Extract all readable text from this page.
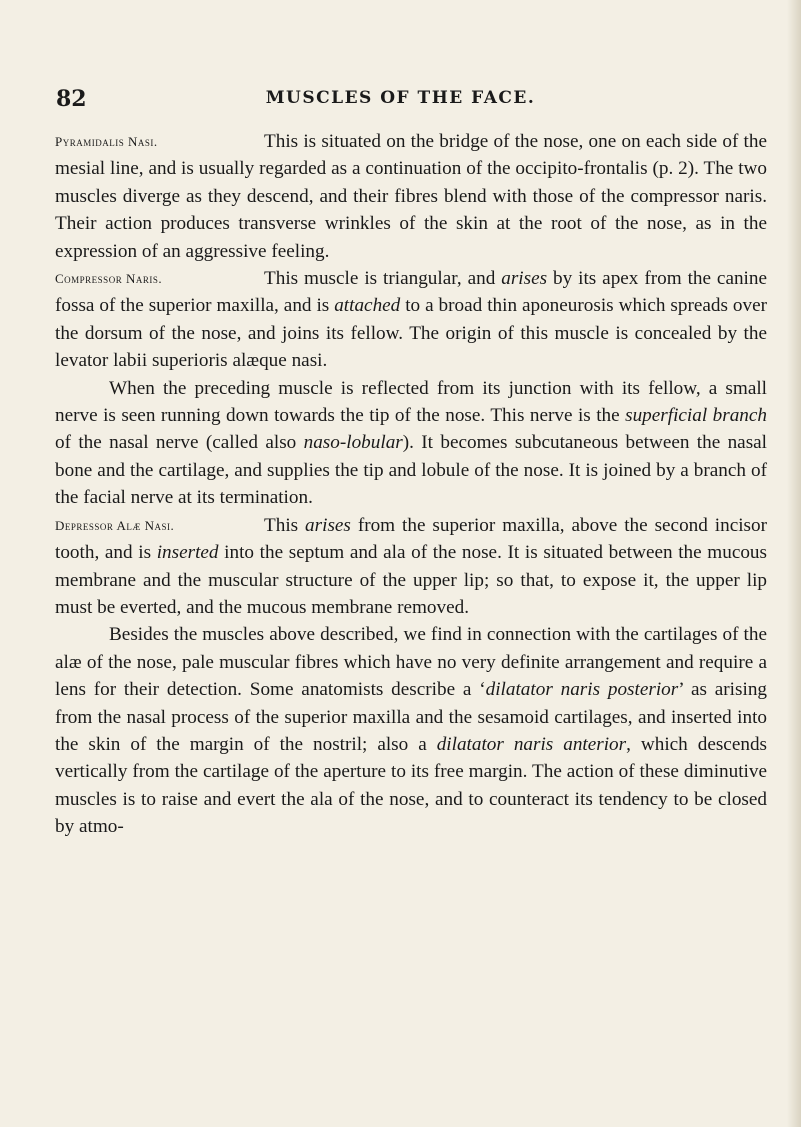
82	MUSCLES OF THE FACE.
Pyramidalis Nasi.	This is situated on the bridge of the nose, one on each side of the mesial line, and is usually regarded as a continuation of the occipito-frontalis (p. 2). The two muscles diverge as they descend, and their fibres blend with those of the compressor naris. Their action produces transverse wrinkles of the skin at the root of the nose, as in the expression of an aggressive feeling.

Compressor Naris.	This muscle is triangular, and arises by its apex from the canine fossa of the superior maxilla, and is attached to a broad thin aponeurosis which spreads over the dorsum of the nose, and joins its fellow. The origin of this muscle is concealed by the levator labii superioris alæque nasi.

When the preceding muscle is reflected from its junction with its fellow, a small nerve is seen running down towards the tip of the nose. This nerve is the superficial branch of the nasal nerve (called also naso-lobular). It becomes subcutaneous between the nasal bone and the cartilage, and supplies the tip and lobule of the nose. It is joined by a branch of the facial nerve at its termination.

Depressor Alæ Nasi.	This arises from the superior maxilla, above the second incisor tooth, and is inserted into the septum and ala of the nose. It is situated between the mucous membrane and the muscular structure of the upper lip; so that, to expose it, the upper lip must be everted, and the mucous membrane removed.

Besides the muscles above described, we find in connection with the cartilages of the alæ of the nose, pale muscular fibres which have no very definite arrangement and require a lens for their detection. Some anatomists describe a ‘dilatator naris posterior’ as arising from the nasal process of the superior maxilla and the sesamoid cartilages, and inserted into the skin of the margin of the nostril; also a dilatator naris anterior, which descends vertically from the cartilage of the aperture to its free margin. The action of these diminutive muscles is to raise and evert the ala of the nose, and to counteract its tendency to be closed by atmo-
